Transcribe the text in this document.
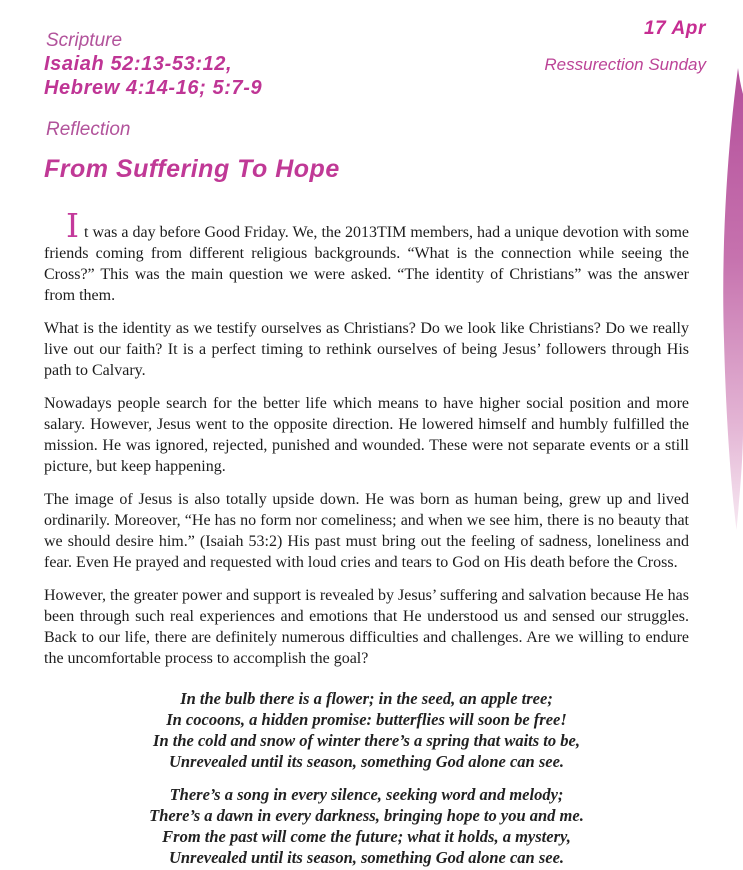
Scripture
Isaiah 52:13-53:12,
Hebrew 4:14-16; 5:7-9
17 Apr
Ressurection Sunday
Reflection
From Suffering To Hope

It was a day before Good Friday. We, the 2013TIM members, had a unique devotion with some friends coming from different religious backgrounds. “What is the connection while seeing the Cross?” This was the main question we were asked. “The identity of Christians” was the answer from them.

What is the identity as we testify ourselves as Christians? Do we look like Christians? Do we really live out our faith? It is a perfect timing to rethink ourselves of being Jesus’ followers through His path to Calvary.

Nowadays people search for the better life which means to have higher social position and more salary. However, Jesus went to the opposite direction. He lowered himself and humbly fulfilled the mission. He was ignored, rejected, punished and wounded. These were not separate events or a still picture, but keep happening.

The image of Jesus is also totally upside down. He was born as human being, grew up and lived ordinarily. Moreover, “He has no form nor comeliness; and when we see him, there is no beauty that we should desire him.” (Isaiah 53:2) His past must bring out the feeling of sadness, loneliness and fear. Even He prayed and requested with loud cries and tears to God on His death before the Cross.

However, the greater power and support is revealed by Jesus’ suffering and salvation because He has been through such real experiences and emotions that He understood us and sensed our struggles. Back to our life, there are definitely numerous difficulties and challenges. Are we willing to endure the uncomfortable process to accomplish the goal?

In the bulb there is a flower; in the seed, an apple tree;
In cocoons, a hidden promise: butterflies will soon be free!
In the cold and snow of winter there’s a spring that waits to be,
Unrevealed until its season, something God alone can see.
There’s a song in every silence, seeking word and melody;
There’s a dawn in every darkness, bringing hope to you and me.
From the past will come the future; what it holds, a mystery,
Unrevealed until its season, something God alone can see.
